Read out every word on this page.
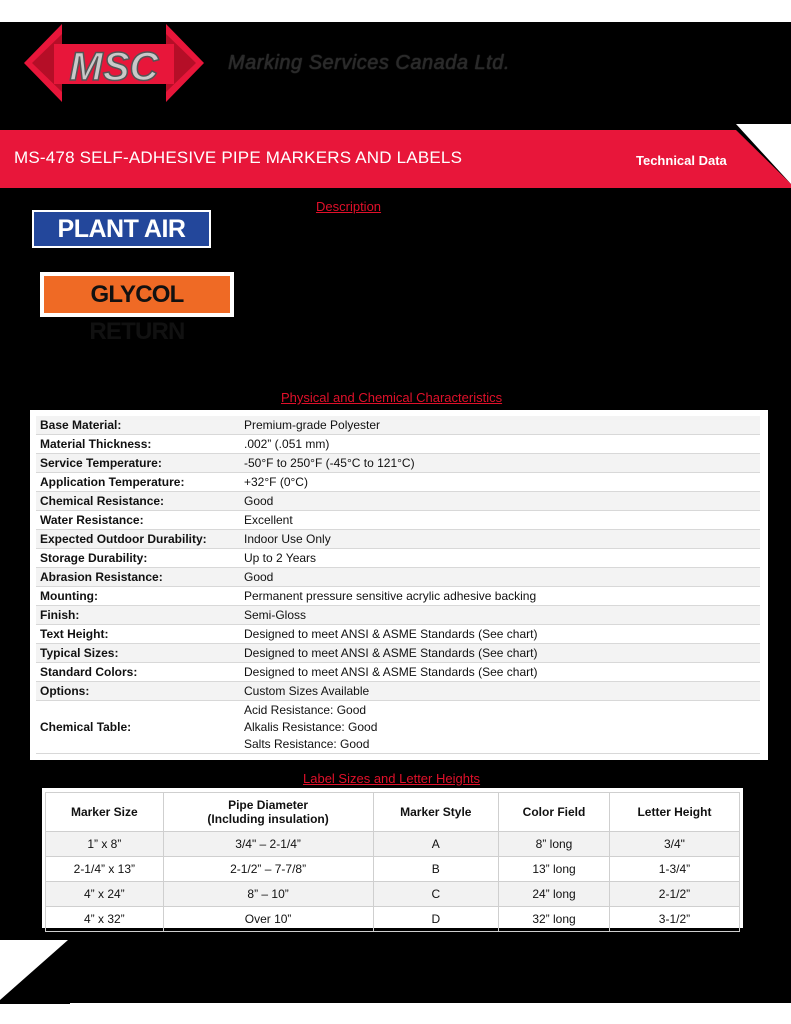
MSC	Marking Services Canada Ltd.
MS-478 SELF-ADHESIVE PIPE MARKERS AND LABELS	Technical Data
Description
PLANT AIR
GLYCOL RETURN
Physical and Chemical Characteristics
Base Material:	Premium-grade Polyester

Material Thickness:	.002” (.051 mm)

Service Temperature:	-50°F to 250°F (-45°C to 121°C)

Application Temperature:	+32°F (0°C)

Chemical Resistance:	Good

Water Resistance:	Excellent

Expected Outdoor Durability:	Indoor Use Only

Storage Durability:	Up to 2 Years

Abrasion Resistance:	Good

Mounting:	Permanent pressure sensitive acrylic adhesive backing

Finish:	Semi-Gloss

Text Height:	Designed to meet ANSI & ASME Standards (See chart)

Typical Sizes:	Designed to meet ANSI & ASME Standards (See chart)

Standard Colors:	Designed to meet ANSI & ASME Standards (See chart)

Options:	Custom Sizes Available

Chemical Table:	Acid Resistance: Good
Alkalis Resistance: Good
Salts Resistance: Good
Label Sizes and Letter Heights
Marker Size	Pipe Diameter
(Including insulation)	Marker Style	Color Field	Letter Height
1” x 8”	3/4" – 2-1/4”	A	8” long	3/4"
2-1/4” x 13”	2-1/2” – 7-7/8”	B	13” long	1-3/4”
4” x 24”	8” – 10”	C	24” long	2-1/2”
4” x 32”	Over 10”	D	32” long	3-1/2”
